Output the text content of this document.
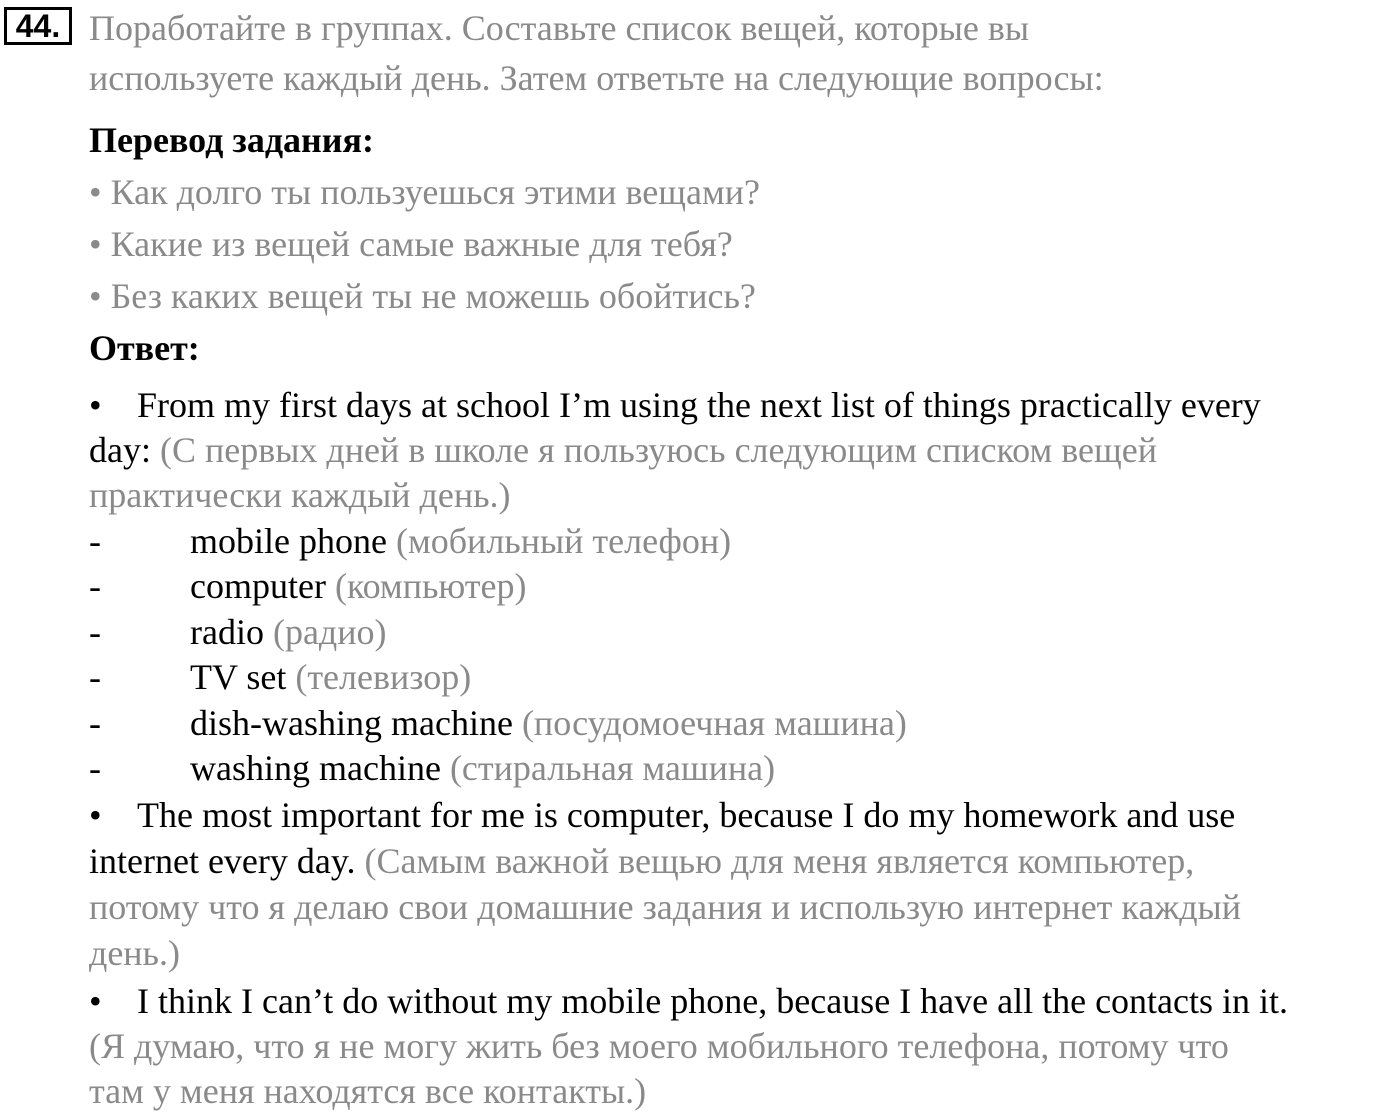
44. Поработайте в группах. Составьте список вещей, которые вы
используете каждый день. Затем ответьте на следующие вопросы:
Перевод задания:
• Как долго ты пользуешься этими вещами?
• Какие из вещей самые важные для тебя?
• Без каких вещей ты не можешь обойтись?
Ответ:
• From my first days at school I’m using the next list of things practically every
day: (С первых дней в школе я пользуюсь следующим списком вещей
практически каждый день.)
- mobile phone (мобильный телефон)
- computer (компьютер)
- radio (радио)
- TV set (телевизор)
- dish-washing machine (посудомоечная машина)
- washing machine (стиральная машина)
• The most important for me is computer, because I do my homework and use
internet every day. (Самым важной вещью для меня является компьютер,
потому что я делаю свои домашние задания и использую интернет каждый
день.)
• I think I can’t do without my mobile phone, because I have all the contacts in it.
(Я думаю, что я не могу жить без моего мобильного телефона, потому что
там у меня находятся все контакты.)
